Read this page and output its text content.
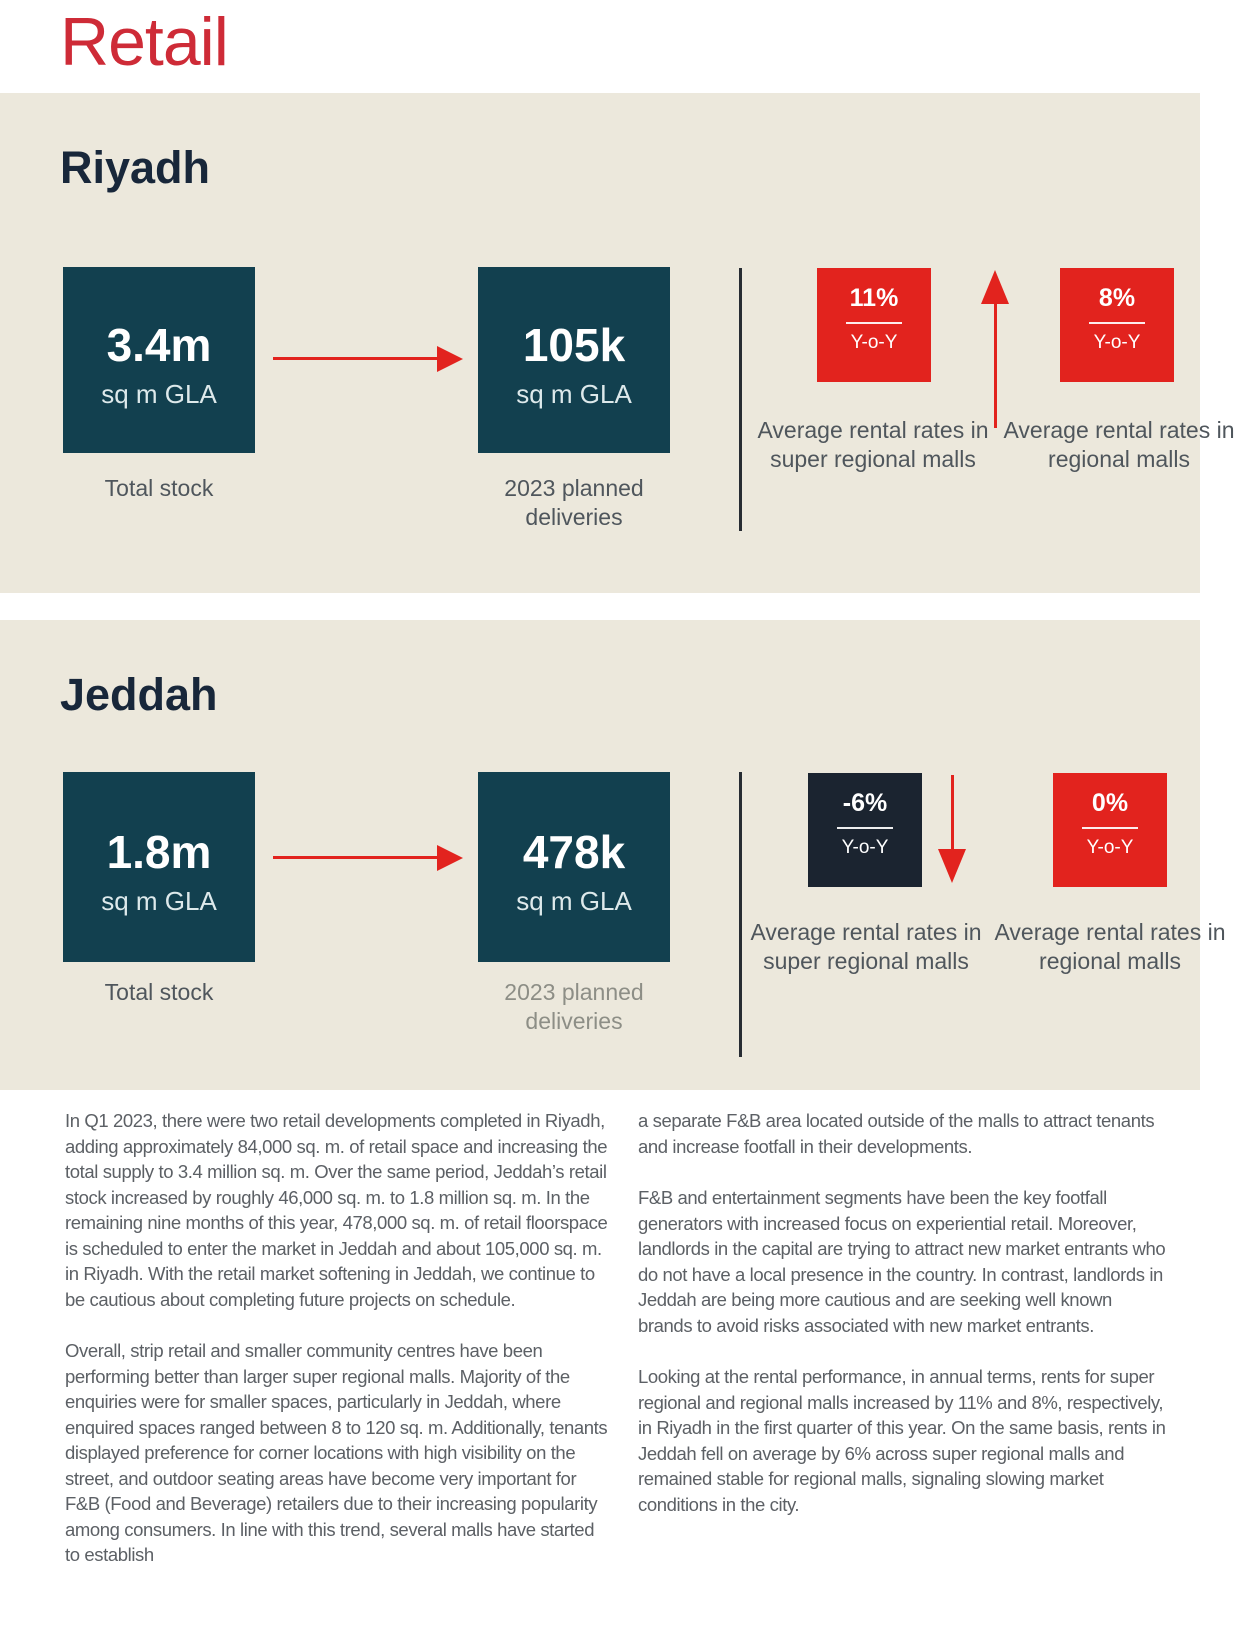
Retail
Riyadh
3.4m
sq m GLA
105k
sq m GLA
Total stock	2023 planned deliveries
11%
Y-o-Y
8%
Y-o-Y
Average rental rates in super regional malls
Average rental rates in regional malls
Jeddah
1.8m
sq m GLA
478k
sq m GLA
Total stock	2023 planned deliveries
-6%
Y-o-Y
0%
Y-o-Y
Average rental rates in super regional malls
Average rental rates in regional malls

In Q1 2023, there were two retail developments completed in Riyadh, adding approximately 84,000 sq. m. of retail space and increasing the total supply to 3.4 million sq. m. Over the same period, Jeddah’s retail stock increased by roughly 46,000 sq. m. to 1.8 million sq. m. In the remaining nine months of this year, 478,000 sq. m. of retail floorspace is scheduled to enter the market in Jeddah and about 105,000 sq. m. in Riyadh. With the retail market softening in Jeddah, we continue to be cautious about completing future projects on schedule.

Overall, strip retail and smaller community centres have been performing better than larger super regional malls. Majority of the enquiries were for smaller spaces, particularly in Jeddah, where enquired spaces ranged between 8 to 120 sq. m. Additionally, tenants displayed preference for corner locations with high visibility on the street, and outdoor seating areas have become very important for F&B (Food and Beverage) retailers due to their increasing popularity among consumers. In line with this trend, several malls have started to establish

a separate F&B area located outside of the malls to attract tenants and increase footfall in their developments.

F&B and entertainment segments have been the key footfall generators with increased focus on experiential retail. Moreover, landlords in the capital are trying to attract new market entrants who do not have a local presence in the country. In contrast, landlords in Jeddah are being more cautious and are seeking well known brands to avoid risks associated with new market entrants.

Looking at the rental performance, in annual terms, rents for super regional and regional malls increased by 11% and 8%, respectively, in Riyadh in the first quarter of this year. On the same basis, rents in Jeddah fell on average by 6% across super regional malls and remained stable for regional malls, signaling slowing market conditions in the city.
